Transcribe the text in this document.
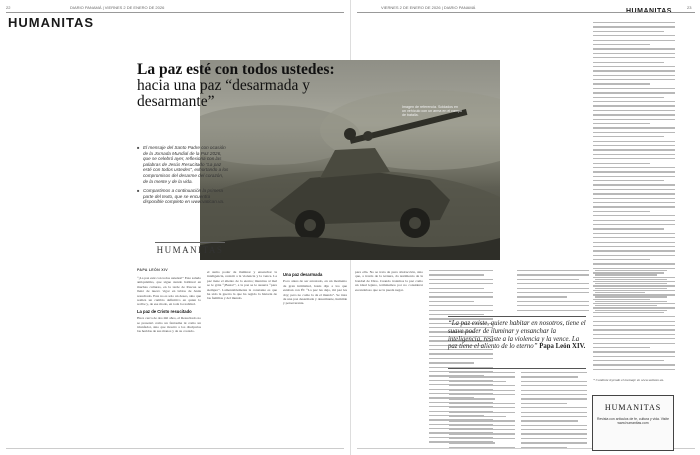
22	DIARIO PANAMÁ | VIERNES 2 DE ENERO DE 2026
HUMANITAS
PAPA LEÓN XIV
“¡La paz esté con todos ustedes!” Este saludo antiquísimo, que sigue siendo habitual en muchas culturas, en la tarde de Pascua se llenó de nuevo vigor en labios de Jesús resucitado. Este no es solo un deseo, sino que realiza un cambio definitivo en quien lo recibe y, de ese modo, en toda la realidad.
La paz de Cristo resucitado
Hace cerca de dos mil años, el Resucitado no se presentó como un fantasma ni como un triunfador, sino que mostró a los discípulos las heridas de sus manos y de su costado.
el sumo poder de iluminar y ensanchar la inteligencia, resistir a la violencia y la vence. La paz tiene el aliento de lo eterno; mientras al mal se le grita “¡Basta!”, a la paz se le susurra “para siempre”. Lamentablemente la constante es que ha sido la guerra la que ha regido la historia de las familias y del mundo.
Una paz desarmada
Poco antes de ser arrestado, en un momento de gran intimidad, Jesús dijo a los que estaban con Él: “La paz les dejo, mi paz les doy; pero no como la da el mundo”. Se trata de una paz desarmada y desarmante, humilde y perseverante.
VIERNES 2 DE ENERO DE 2026 | DIARIO PANAMÁ	23
para ella. No se trata de pura abstracción, sino que, a través de la ternura, da testimonio de la bondad de Dios. Cuando tratamos la paz como un ideal lejano, terminamos por no considerar escandaloso que se la pueda negar.
* Continúe leyendo el mensaje en www.vatican.va.
La paz esté con todos ustedes:
hacia una paz “desarmada y desarmante”
■ El mensaje del Santo Padre con ocasión de la Jornada Mundial de la Paz 2026, que se celebró ayer, reflexiona con las palabras de Jesús Resucitado “La paz esté con todos ustedes”, exhortando a los compromisos del desarme del corazón, de la mente y de la vida.
■ Compartimos a continuación la primera parte del texto, que se encuentra disponible completo en www.vatican.va.
HUMANITAS
Imagen de referencia. Soldados en un vehículo con un arma en el campo de batalla.
“La paz existe, quiere habitar en nosotros, tiene el suave poder de iluminar y ensanchar la inteligencia, resiste a la violencia y la vence. La paz tiene el aliento de lo eterno” Papa León XIV.
HUMANITAS
Revista con artículos de fe, cultura y vida. Visite www.humanitas.com
